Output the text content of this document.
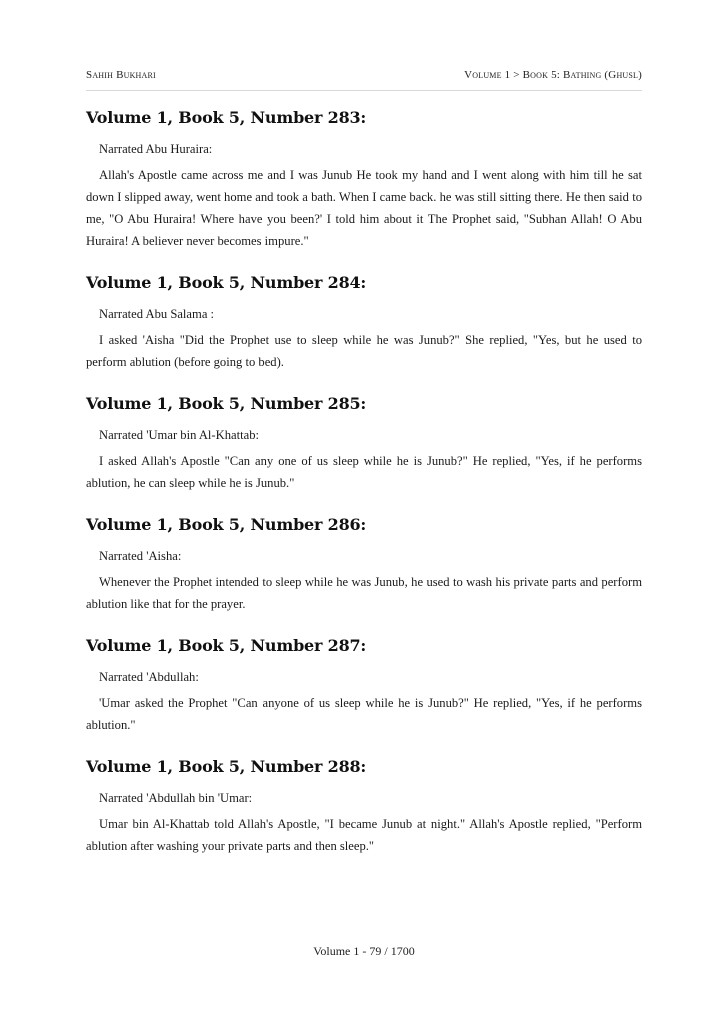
Sahih Bukhari	Volume 1 > Book 5: Bathing (Ghusl)
Volume 1, Book 5, Number 283:

Narrated Abu Huraira:

Allah's Apostle came across me and I was Junub He took my hand and I went along with him till he sat down I slipped away, went home and took a bath. When I came back. he was still sitting there. He then said to me, "O Abu Huraira! Where have you been?' I told him about it The Prophet said, "Subhan Allah! O Abu Huraira! A believer never becomes impure."

Volume 1, Book 5, Number 284:

Narrated Abu Salama :

I asked 'Aisha "Did the Prophet use to sleep while he was Junub?" She replied, "Yes, but he used to perform ablution (before going to bed).

Volume 1, Book 5, Number 285:

Narrated 'Umar bin Al-Khattab:

I asked Allah's Apostle "Can any one of us sleep while he is Junub?" He replied, "Yes, if he performs ablution, he can sleep while he is Junub."

Volume 1, Book 5, Number 286:

Narrated 'Aisha:

Whenever the Prophet intended to sleep while he was Junub, he used to wash his private parts and perform ablution like that for the prayer.

Volume 1, Book 5, Number 287:

Narrated 'Abdullah:

'Umar asked the Prophet "Can anyone of us sleep while he is Junub?" He replied, "Yes, if he performs ablution."

Volume 1, Book 5, Number 288:

Narrated 'Abdullah bin 'Umar:

Umar bin Al-Khattab told Allah's Apostle, "I became Junub at night." Allah's Apostle replied, "Perform ablution after washing your private parts and then sleep."

Volume 1 - 79 / 1700
